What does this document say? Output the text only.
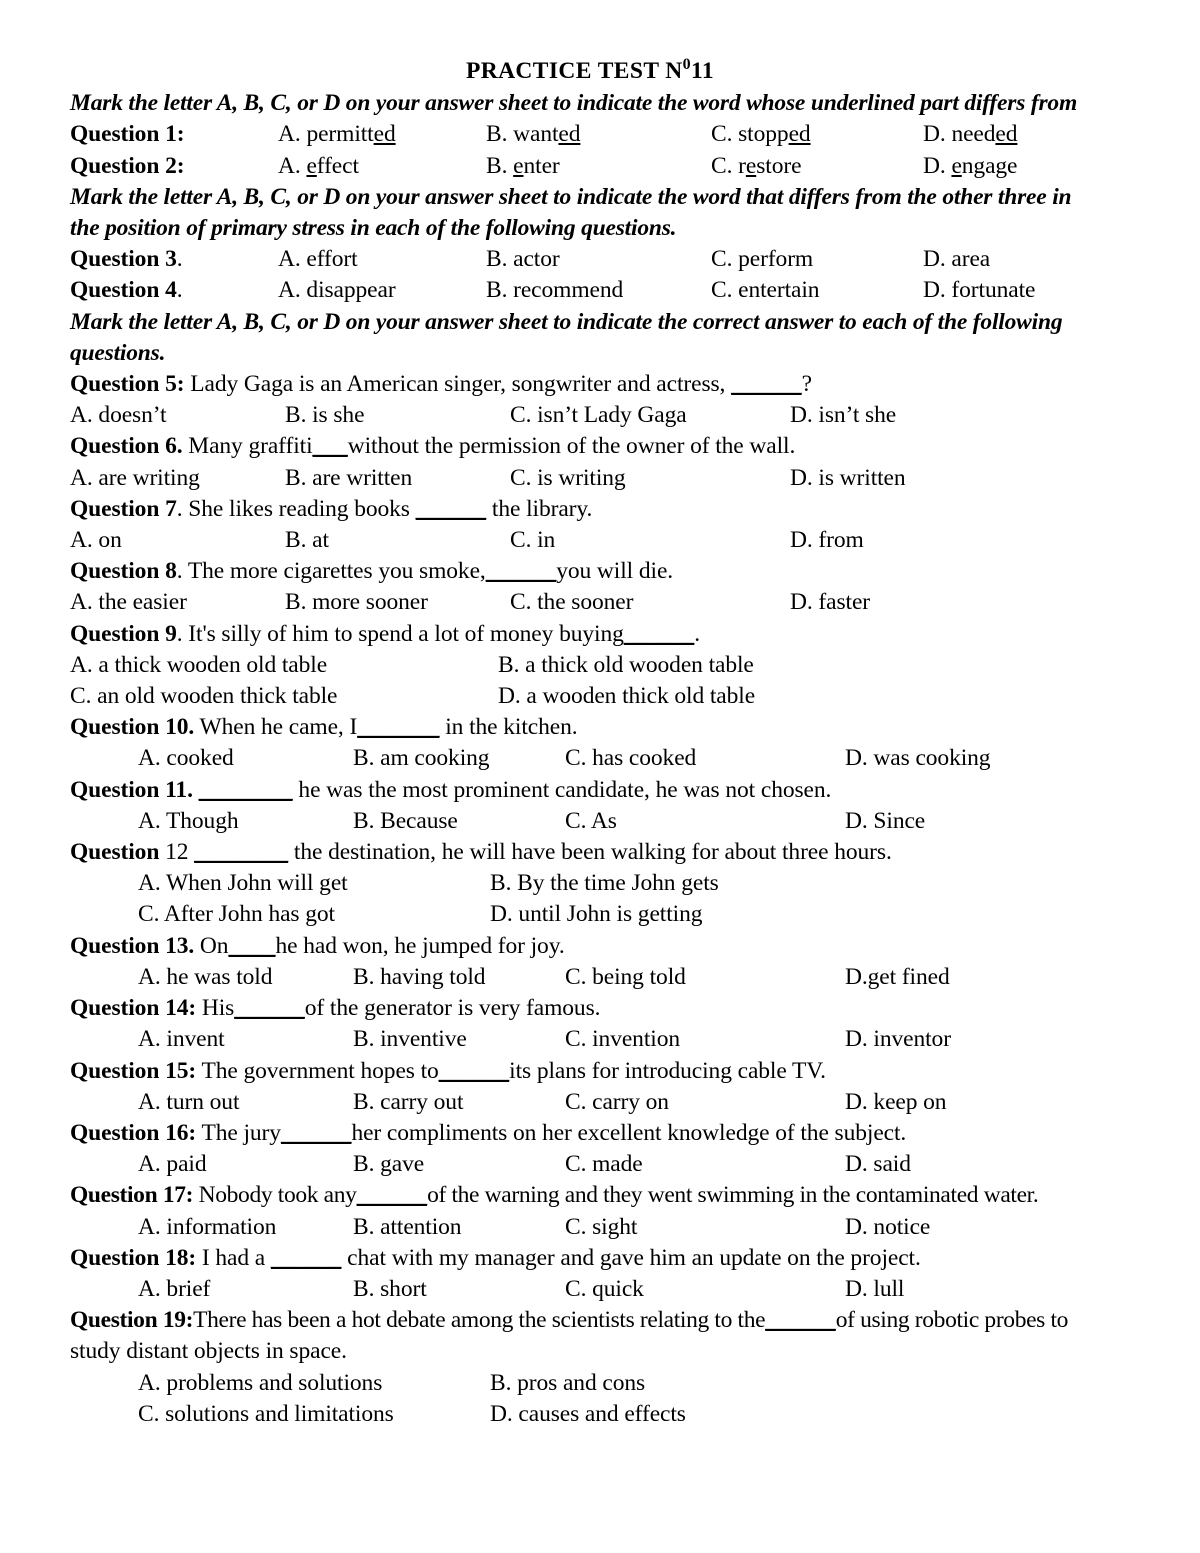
PRACTICE TEST $N^011$
Mark the letter A, B, C, or D on your answer sheet to indicate the word whose underlined part differs from
Question 1:	A. permitted	B. wanted	C. stopped	D. needed
Question 2:	A. effect	B. enter	C. restore	D. engage
Mark the letter A, B, C, or D on your answer sheet to indicate the word that differs from the other three in
the position of primary stress in each of the following questions.
Question 3.	A. effort	B. actor	C. perform	D. area
Question 4.	A. disappear	B. recommend	C. entertain	D. fortunate
Mark the letter A, B, C, or D on your answer sheet to indicate the correct answer to each of the following
questions.
Question 5: Lady Gaga is an American singer, songwriter and actress, ______?
A. doesn’t	B. is she	C. isn’t Lady Gaga	D. isn’t she
Question 6. Many graffiti___without the permission of the owner of the wall.
A. are writing	B. are written	C. is writing	D. is written
Question 7. She likes reading books ______ the library.
A. on	B. at	C. in	D. from
Question 8. The more cigarettes you smoke,______you will die.
A. the easier	B. more sooner	C. the sooner	D. faster
Question 9. It's silly of him to spend a lot of money buying______.
A. a thick wooden old table	B. a thick old wooden table
C. an old wooden thick table	D. a wooden thick old table
Question 10. When he came, I_______ in the kitchen.
A. cooked	B. am cooking	C. has cooked	D. was cooking
Question 11. ________ he was the most prominent candidate, he was not chosen.
A. Though	B. Because	C. As	D. Since
Question 12 ________ the destination, he will have been walking for about three hours.
A. When John will get	B. By the time John gets
C. After John has got	D. until John is getting
Question 13. On____he had won, he jumped for joy.
A. he was told	B. having told	C. being told	D.get fined
Question 14: His______of the generator is very famous.
A. invent	B. inventive	C. invention	D. inventor
Question 15: The government hopes to______its plans for introducing cable TV.
A. turn out	B. carry out	C. carry on	D. keep on
Question 16: The jury______her compliments on her excellent knowledge of the subject.
A. paid	B. gave	C. made	D. said
Question 17: Nobody took any______of the warning and they went swimming in the contaminated water.
A. information	B. attention	C. sight	D. notice
Question 18: I had a ______ chat with my manager and gave him an update on the project.
A. brief	B. short	C. quick	D. lull
Question 19:There has been a hot debate among the scientists relating to the______of using robotic probes to
study distant objects in space.
A. problems and solutions	B. pros and cons
C. solutions and limitations	D. causes and effects
